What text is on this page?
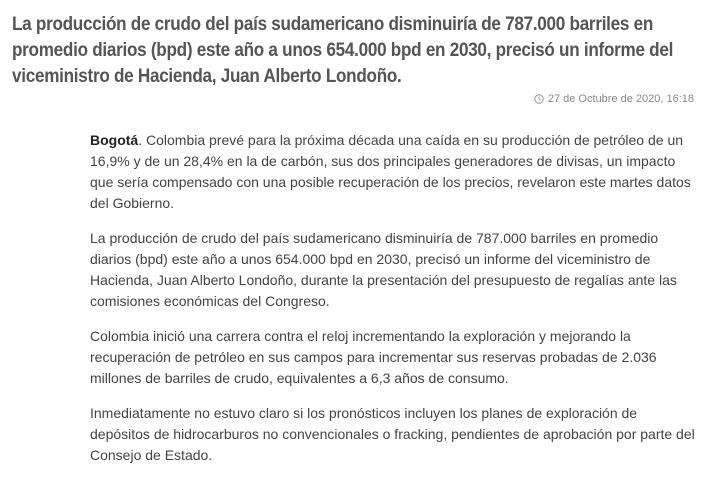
La producción de crudo del país sudamericano disminuiría de 787.000 barriles en promedio diarios (bpd) este año a unos 654.000 bpd en 2030, precisó un informe del viceministro de Hacienda, Juan Alberto Londoño.
27 de Octubre de 2020, 16:18

Bogotá. Colombia prevé para la próxima década una caída en su producción de petróleo de un 16,9% y de un 28,4% en la de carbón, sus dos principales generadores de divisas, un impacto que sería compensado con una posible recuperación de los precios, revelaron este martes datos del Gobierno.

La producción de crudo del país sudamericano disminuiría de 787.000 barriles en promedio diarios (bpd) este año a unos 654.000 bpd en 2030, precisó un informe del viceministro de Hacienda, Juan Alberto Londoño, durante la presentación del presupuesto de regalías ante las comisiones económicas del Congreso.

Colombia inició una carrera contra el reloj incrementando la exploración y mejorando la recuperación de petróleo en sus campos para incrementar sus reservas probadas de 2.036 millones de barriles de crudo, equivalentes a 6,3 años de consumo.

Inmediatamente no estuvo claro si los pronósticos incluyen los planes de exploración de depósitos de hidrocarburos no convencionales o fracking, pendientes de aprobación por parte del Consejo de Estado.
